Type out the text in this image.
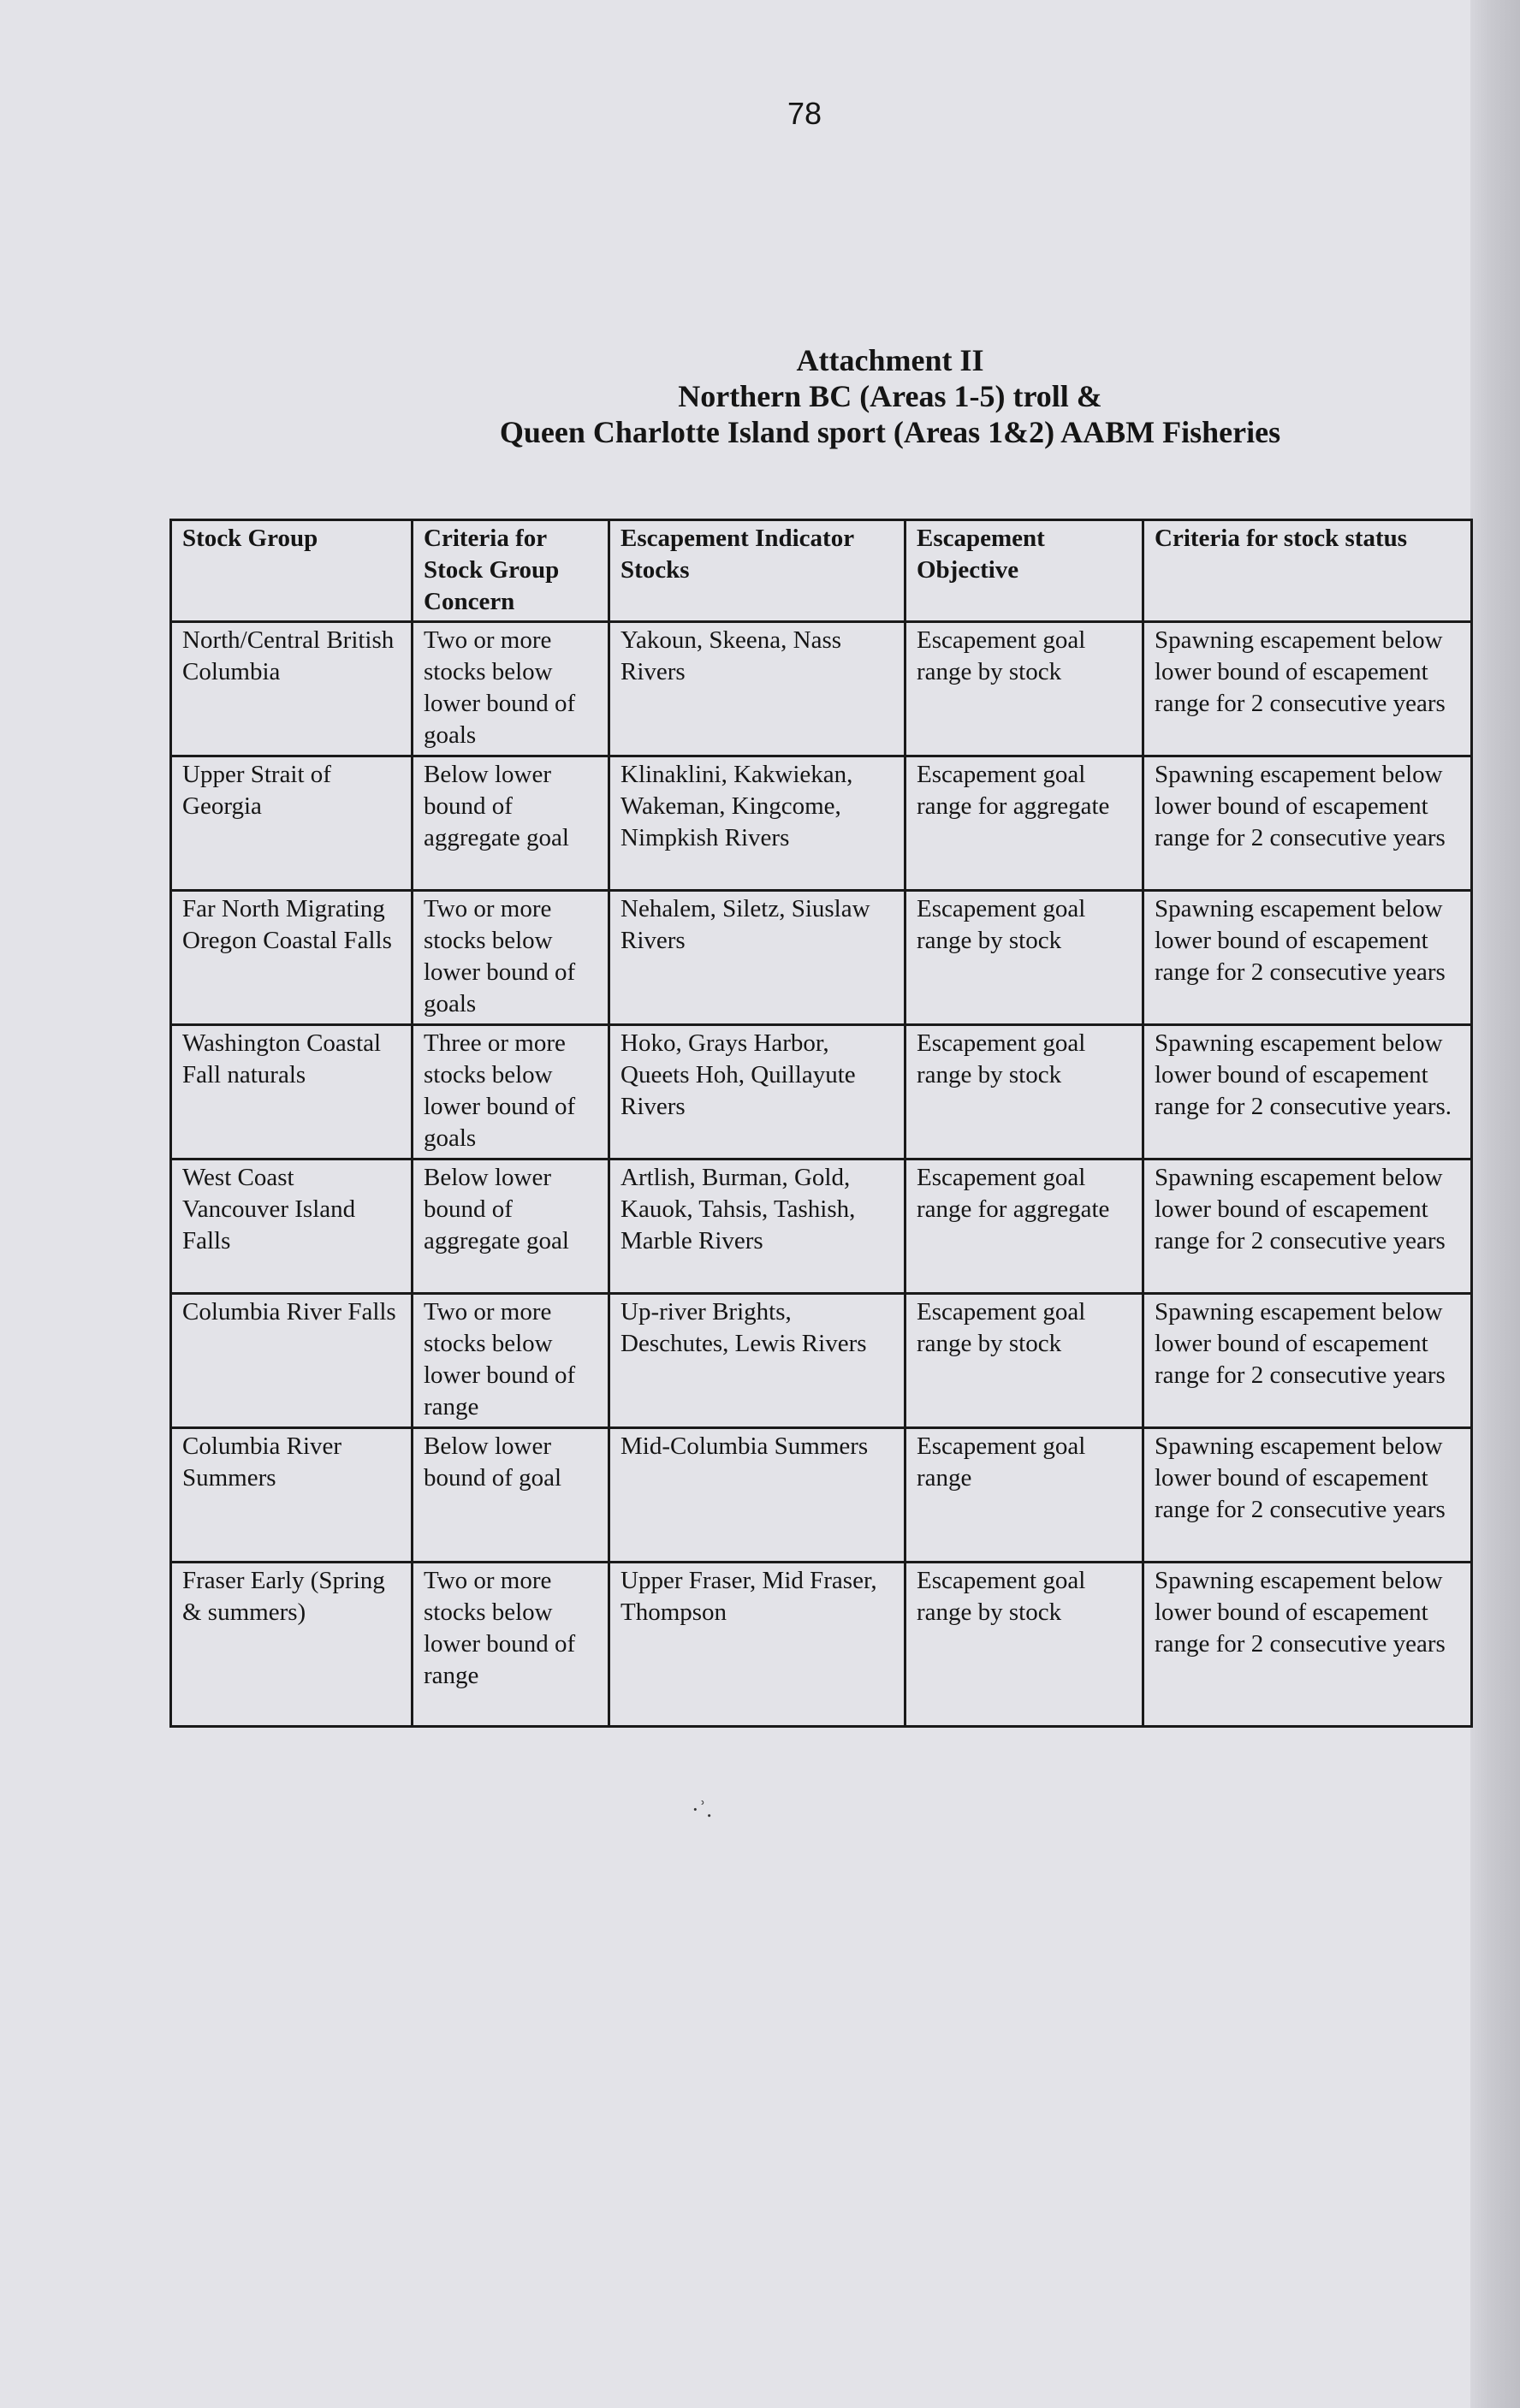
78
Attachment II
Northern BC (Areas 1-5) troll &
Queen Charlotte Island sport (Areas 1&2) AABM Fisheries
Stock Group	Criteria for Stock Group Concern	Escapement Indicator Stocks	Escapement Objective	Criteria for stock status
North/Central British Columbia	Two or more stocks below lower bound of goals	Yakoun, Skeena, Nass Rivers	Escapement goal range by stock	Spawning escapement below lower bound of escapement range for 2 consecutive years
Upper Strait of Georgia	Below lower bound of aggregate goal	Klinaklini, Kakwiekan, Wakeman, Kingcome, Nimpkish Rivers	Escapement goal range for aggregate	Spawning escapement below lower bound of escapement range for 2 consecutive years
Far North Migrating Oregon Coastal Falls	Two or more stocks below lower bound of goals	Nehalem, Siletz, Siuslaw Rivers	Escapement goal range by stock	Spawning escapement below lower bound of escapement range for 2 consecutive years
Washington Coastal Fall naturals	Three or more stocks below lower bound of goals	Hoko, Grays Harbor, Queets Hoh, Quillayute Rivers	Escapement goal range by stock	Spawning escapement below lower bound of escapement range for 2 consecutive years.
West Coast Vancouver Island Falls	Below lower bound of aggregate goal	Artlish, Burman, Gold, Kauok, Tahsis, Tashish, Marble Rivers	Escapement goal range for aggregate	Spawning escapement below lower bound of escapement range for 2 consecutive years
Columbia River Falls	Two or more stocks below lower bound of range	Up-river Brights, Deschutes, Lewis Rivers	Escapement goal range by stock	Spawning escapement below lower bound of escapement range for 2 consecutive years
Columbia River Summers	Below lower bound of goal	Mid-Columbia Summers	Escapement goal range	Spawning escapement below lower bound of escapement range for 2 consecutive years
Fraser Early (Spring & summers)	Two or more stocks below lower bound of range	Upper Fraser, Mid Fraser, Thompson	Escapement goal range by stock	Spawning escapement below lower bound of escapement range for 2 consecutive years
·ʾ.
